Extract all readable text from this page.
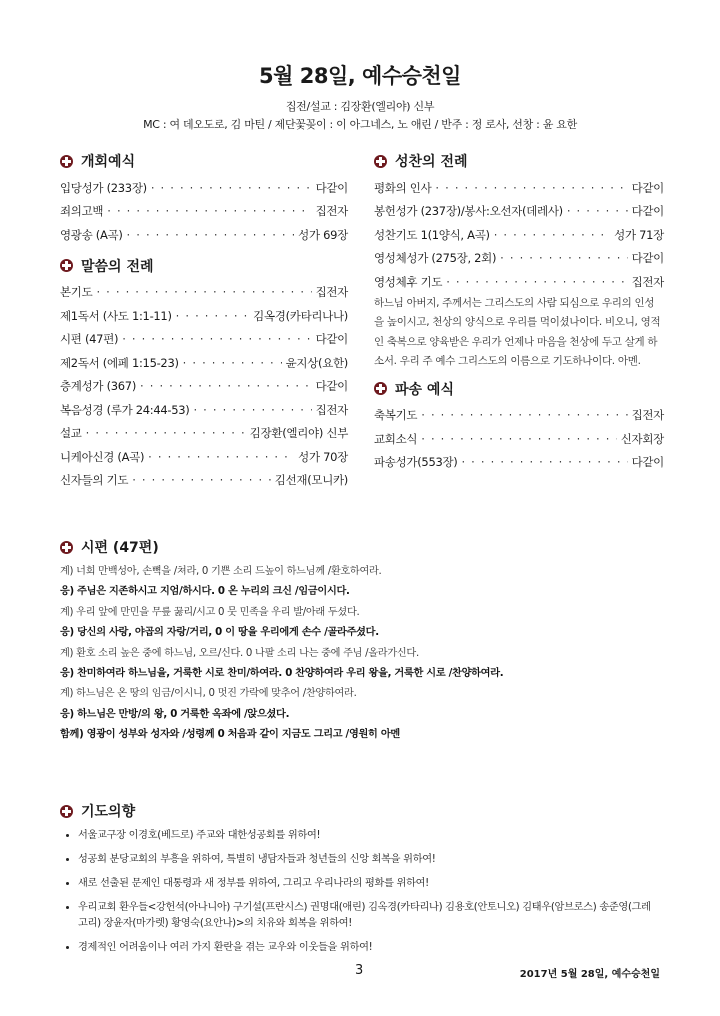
5월 28일, 예수승천일
집전/설교 : 김장환(엘리야) 신부
MC : 여 데오도로, 김 마틴 / 제단꽃꽂이 : 이 아그네스, 노 애린 / 반주 : 정 로사, 선창 : 윤 요한
개회예식
입당성가 (233장) · · ·	다같이
죄의고백 · · ·	집전자
영광송 (A곡) · · ·	성가 69장
말씀의 전례
본기도 · · ·	집전자
제1독서 (사도 1:1-11) · · ·	김옥경(카타리나나)
시편 (47편) · · ·	다같이
제2독서 (에페 1:15-23) · · ·	윤지상(요한)
층계성가 (367) · · ·	다같이
복음성경 (루가 24:44-53) · · ·	집전자
설교 · · ·	김장환(엘리야) 신부
니케아신경 (A곡) · · ·	성가 70장
신자들의 기도 · · ·	김선재(모니카)
성찬의 전례
평화의 인사 · · ·	다같이
봉헌성가 (237장)/봉사:오선자(데레사) · · ·	다같이
성찬기도 1(1양식, A곡) · · ·	성가 71장
영성체성가 (275장, 2회) · · ·	다같이
영성체후 기도 · · ·	집전자
하느님 아버지, 주께서는 그리스도의 사람 되심으로 우리의 인성을 높이시고, 천상의 양식으로 우리를 먹이셨나이다. 비오니, 영적인 축복으로 양육받은 우리가 언제나 마음을 천상에 두고 살게 하소서. 우리 주 예수 그리스도의 이름으로 기도하나이다. 아멘.
파송 예식
축복기도 · · ·	집전자
교회소식 · · ·	신자회장
파송성가(553장) · · ·	다같이
시편 (47편)
계) 너희 만백성아, 손뼉을 /쳐라, 0 기쁜 소리 드높이 하느님께 /환호하여라.
응) 주님은 지존하시고 지엄/하시다. 0 온 누리의 크신 /임금이시다.
계) 우리 앞에 만민을 무릎 꿇리/시고 0 뭇 민족을 우리 발/아래 두셨다.
응) 당신의 사랑, 야곱의 자랑/거리, 0 이 땅을 우리에게 손수 /골라주셨다.
계) 환호 소리 높은 중에 하느님, 오르/신다. 0 나팔 소리 나는 중에 주님 /올라가신다.
응) 찬미하여라 하느님을, 거룩한 시로 찬미/하여라. 0 찬양하여라 우리 왕을, 거룩한 시로 /찬양하여라.
계) 하느님은 온 땅의 임금/이시니, 0 멋진 가락에 맞추어 /찬양하여라.
응) 하느님은 만방/의 왕, 0 거룩한 옥좌에 /앉으셨다.
함께) 영광이 성부와 성자와 /성령께 0 처음과 같이 지금도 그리고 /영원히 아멘
기도의향
• 서울교구장 이경호(베드로) 주교와 대한성공회를 위하여!
• 성공회 분당교회의 부흥을 위하여, 특별히 냉담자들과 청년들의 신앙 회복을 위하여!
• 새로 선출된 문제인 대통령과 새 정부를 위하여, 그리고 우리나라의 평화를 위하여!
• 우리교회 환우들<강헌석(아나니아) 구기설(프란시스) 권명대(애린) 김옥경(카타리나) 김용호(안토니오) 김태우(암브로스) 송준영(그레고리) 장윤자(마가렛) 황영숙(요안나)>의 치유와 회복을 위하여!
• 경제적인 어려움이나 여러 가지 환란을 겪는 교우와 이웃들을 위하여!
3	2017년 5월 28일, 예수승천일
